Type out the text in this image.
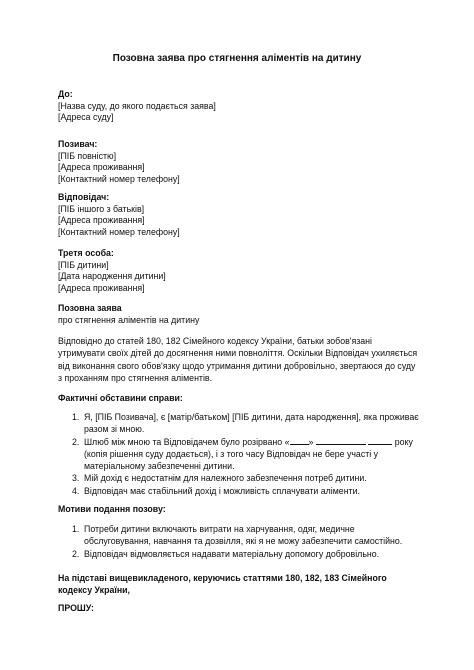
Позовна заява про стягнення аліментів на дитину
До:
[Назва суду, до якого подається заява]
[Адреса суду]
Позивач:
[ПІБ повністю]
[Адреса проживання]
[Контактний номер телефону]
Відповідач:
[ПІБ іншого з батьків]
[Адреса проживання]
[Контактний номер телефону]
Третя особа:
[ПІБ дитини]
[Дата народження дитини]
[Адреса проживання]
Позовна заява
про стягнення аліментів на дитину
Відповідно до статей 180, 182 Сімейного кодексу України, батьки зобов'язані утримувати своїх дітей до досягнення ними повноліття. Оскільки Відповідач ухиляється від виконання свого обов'язку щодо утримання дитини добровільно, звертаюся до суду з проханням про стягнення аліментів.
Фактичні обставини справи:
1. Я, [ПІБ Позивача], є [матір/батьком] [ПІБ дитини, дата народження], яка проживає разом зі мною.
2. Шлюб між мною та Відповідачем було розірвано « »	року (копія рішення суду додається), і з того часу Відповідач не бере участі у матеріальному забезпеченні дитини.
3. Мій дохід є недостатнім для належного забезпечення потреб дитини.
4. Відповідач має стабільний дохід і можливість сплачувати аліменти.
Мотиви подання позову:
1. Потреби дитини включають витрати на харчування, одяг, медичне обслуговування, навчання та дозвілля, які я не можу забезпечити самостійно.
2. Відповідач відмовляється надавати матеріальну допомогу добровільно.
На підставі вищевикладеного, керуючись статтями 180, 182, 183 Сімейного кодексу України,
ПРОШУ:
